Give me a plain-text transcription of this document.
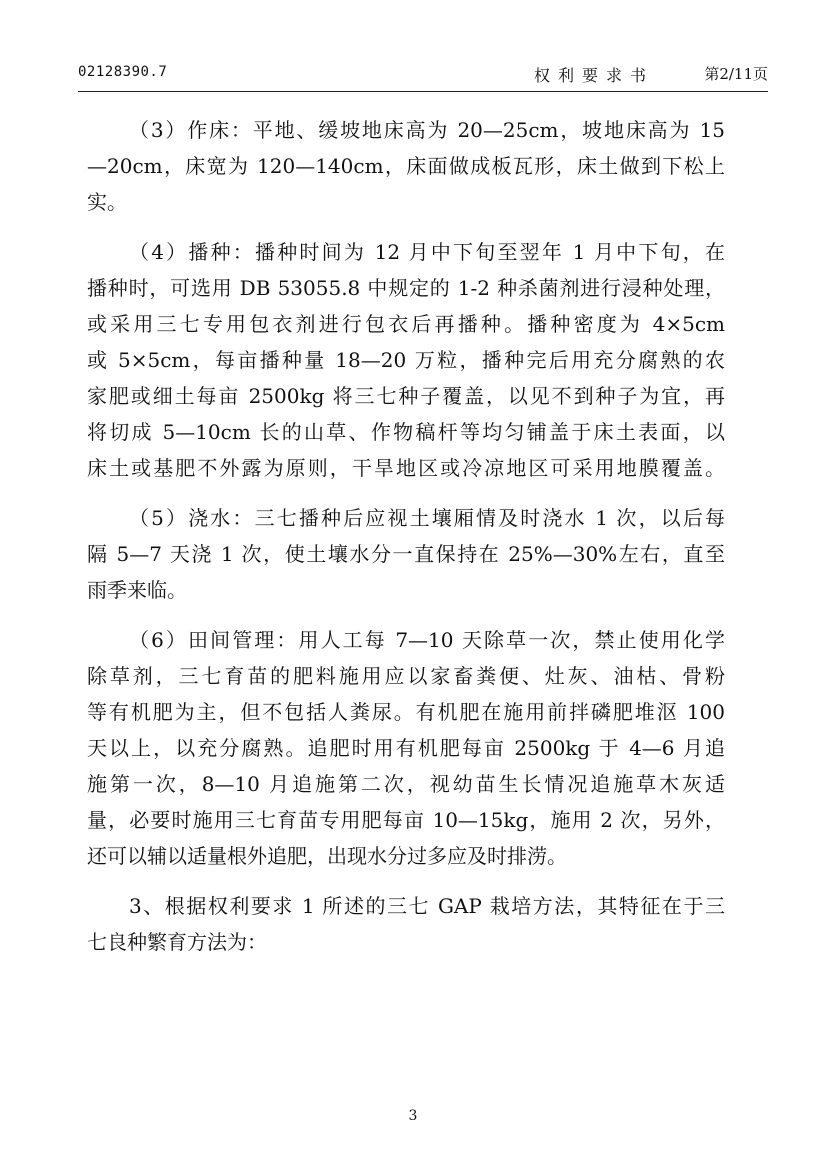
02128390.7	权利要求书	第2/11页
（3）作床：平地、缓坡地床高为 20—25cm，坡地床高为 15
—20cm，床宽为 120—140cm，床面做成板瓦形，床土做到下松上
实。
（4）播种：播种时间为 12 月中下旬至翌年 1 月中下旬，在
播种时，可选用 DB 53055.8 中规定的 1-2 种杀菌剂进行浸种处理，
或采用三七专用包衣剂进行包衣后再播种。播种密度为 4×5cm
或 5×5cm，每亩播种量 18—20 万粒，播种完后用充分腐熟的农
家肥或细土每亩 2500kg 将三七种子覆盖，以见不到种子为宜，再
将切成 5—10cm 长的山草、作物稿杆等均匀铺盖于床土表面，以
床土或基肥不外露为原则，干旱地区或冷凉地区可采用地膜覆盖。
（5）浇水：三七播种后应视土壤厢情及时浇水 1 次，以后每
隔 5—7 天浇 1 次，使土壤水分一直保持在 25%—30%左右，直至
雨季来临。
（6）田间管理：用人工每 7—10 天除草一次，禁止使用化学
除草剂，三七育苗的肥料施用应以家畜粪便、灶灰、油枯、骨粉
等有机肥为主，但不包括人粪尿。有机肥在施用前拌磷肥堆沤 100
天以上，以充分腐熟。追肥时用有机肥每亩 2500kg 于 4—6 月追
施第一次，8—10 月追施第二次，视幼苗生长情况追施草木灰适
量，必要时施用三七育苗专用肥每亩 10—15kg，施用 2 次，另外，
还可以辅以适量根外追肥，出现水分过多应及时排涝。
3、根据权利要求 1 所述的三七 GAP 栽培方法，其特征在于三
七良种繁育方法为：
3
